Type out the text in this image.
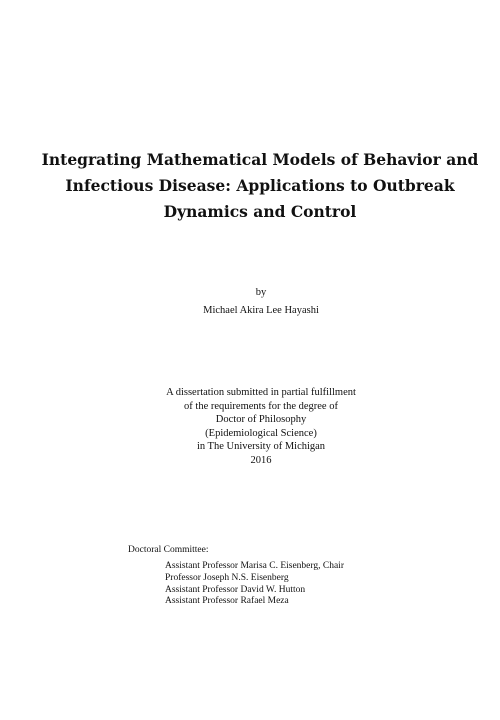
Integrating Mathematical Models of Behavior and
Infectious Disease: Applications to Outbreak
Dynamics and Control
by
Michael Akira Lee Hayashi
A dissertation submitted in partial fulfillment
of the requirements for the degree of
Doctor of Philosophy
(Epidemiological Science)
in The University of Michigan
2016
Doctoral Committee:
Assistant Professor Marisa C. Eisenberg, Chair
Professor Joseph N.S. Eisenberg
Assistant Professor David W. Hutton
Assistant Professor Rafael Meza
